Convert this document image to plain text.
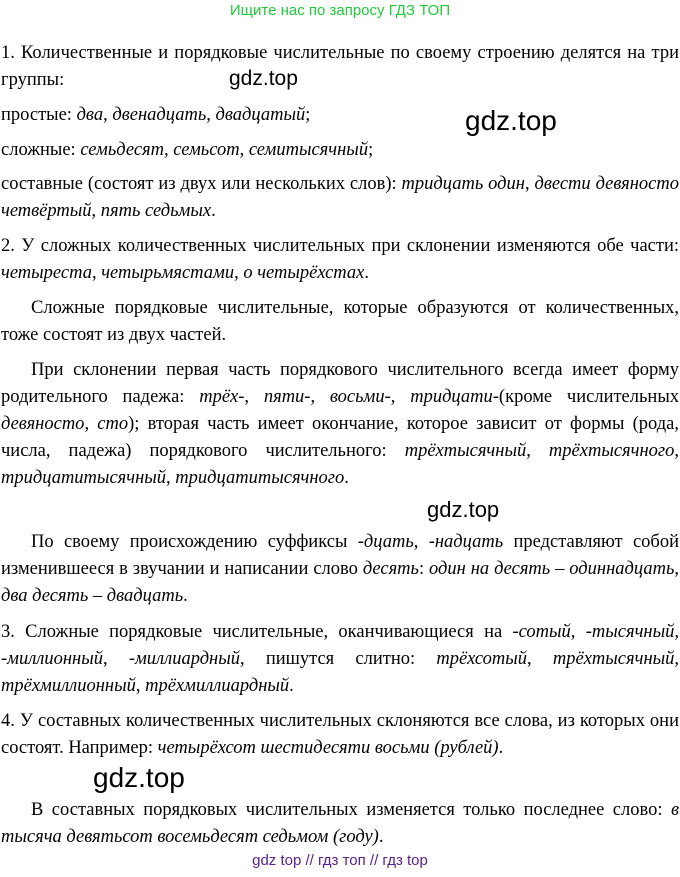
Ищите нас по запросу ГДЗ ТОП

1. Количественные и порядковые числительные по своему строению делятся на три группы:

простые: два, двенадцать, двадцатый;

сложные: семьдесят, семьсот, семитысячный;

составные (состоят из двух или нескольких слов): тридцать один, двести девяносто четвёртый, пять седьмых.

2. У сложных количественных числительных при склонении изменяются обе части: четыреста, четырьмястами, о четырёхстах.

Сложные порядковые числительные, которые образуются от количественных, тоже состоят из двух частей.

При склонении первая часть порядкового числительного всегда имеет форму родительного падежа: трёх-, пяти-, восьми-, тридцати-(кроме числительных девяносто, сто); вторая часть имеет окончание, которое зависит от формы (рода, числа, падежа) порядкового числительного: трёхтысячный, трёхтысячного, тридцатитысячный, тридцатитысячного.

По своему происхождению суффиксы -дцать, -надцать представляют собой изменившееся в звучании и написании слово десять: один на десять – одиннадцать, два десять – двадцать.

3. Сложные порядковые числительные, оканчивающиеся на -сотый, -тысячный, -миллионный, -миллиардный, пишутся слитно: трёхсотый, трёхтысячный, трёхмиллионный, трёхмиллиардный.

4. У составных количественных числительных склоняются все слова, из которых они состоят. Например: четырёхсот шестидесяти восьми (рублей).

В составных порядковых числительных изменяется только последнее слово: в тысяча девятьсот восемьдесят седьмом (году).

gdz.top
gdz.top
gdz.top
gdz.top
gdz top // гдз топ // гдз top
